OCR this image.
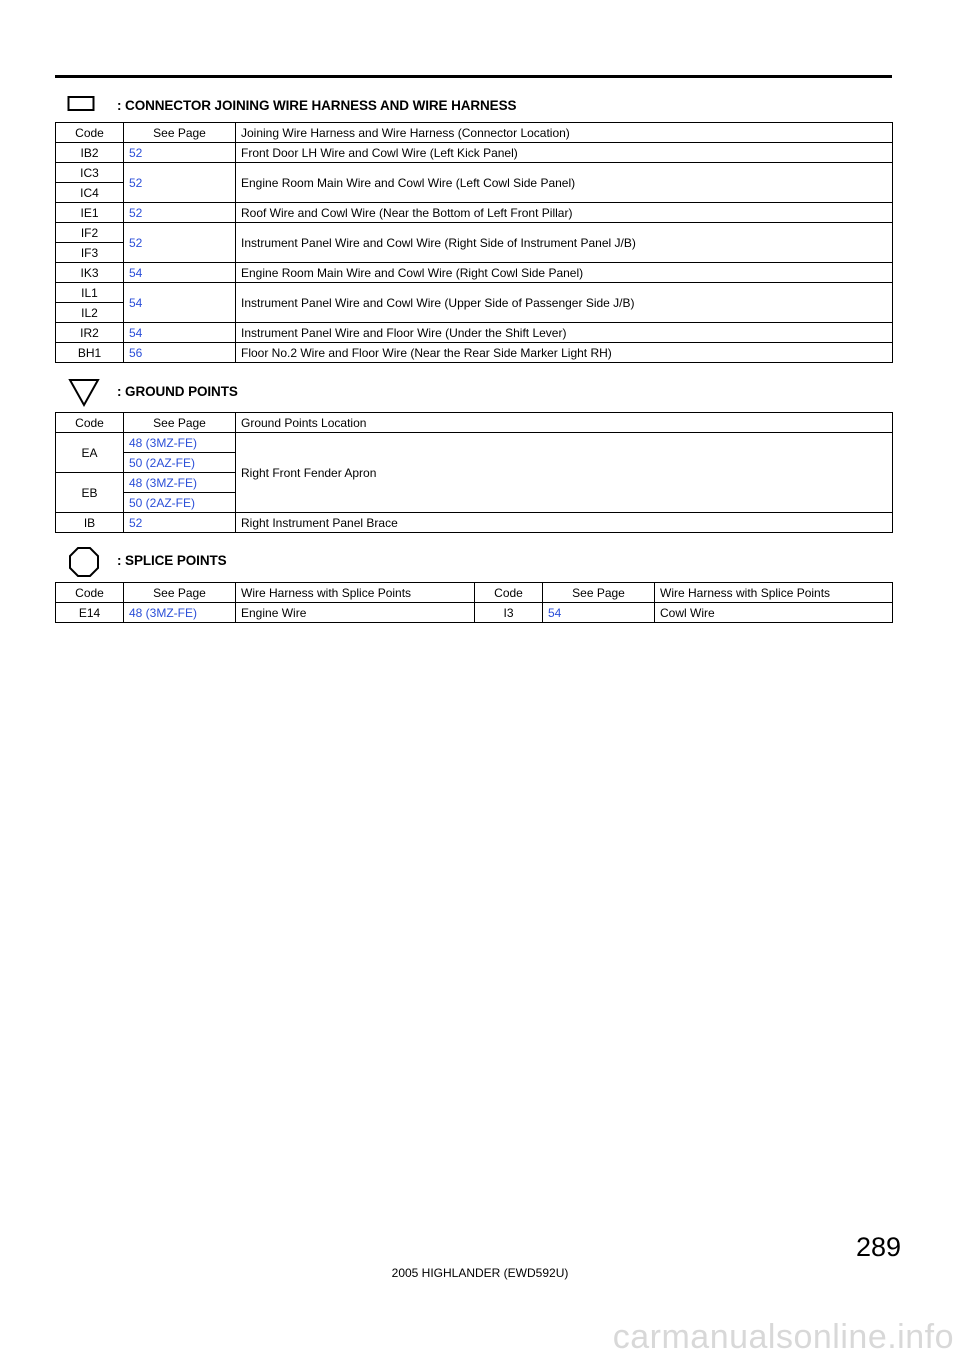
: CONNECTOR JOINING WIRE HARNESS AND WIRE HARNESS
Code	See Page	Joining Wire Harness and Wire Harness (Connector Location)
IB2	52	Front Door LH Wire and Cowl Wire (Left Kick Panel)
IC3	52	Engine Room Main Wire and Cowl Wire (Left Cowl Side Panel)
IC4		
IE1	52	Roof Wire and Cowl Wire (Near the Bottom of Left Front Pillar)
IF2	52	Instrument Panel Wire and Cowl Wire (Right Side of Instrument Panel J/B)
IF3		
IK3	54	Engine Room Main Wire and Cowl Wire (Right Cowl Side Panel)
IL1	54	Instrument Panel Wire and Cowl Wire (Upper Side of Passenger Side J/B)
IL2		
IR2	54	Instrument Panel Wire and Floor Wire (Under the Shift Lever)
BH1	56	Floor No.2 Wire and Floor Wire (Near the Rear Side Marker Light RH)
: GROUND POINTS
Code	See Page	Ground Points Location
EA	48 (3MZ-FE)	Right Front Fender Apron
	50 (2AZ-FE)	
EB	48 (3MZ-FE)	
	50 (2AZ-FE)	
IB	52	Right Instrument Panel Brace
: SPLICE POINTS
Code	See Page	Wire Harness with Splice Points	Code	See Page	Wire Harness with Splice Points
E14	48 (3MZ-FE)	Engine Wire	I3	54	Cowl Wire
289
2005 HIGHLANDER (EWD592U)
carmanualsonline.info
